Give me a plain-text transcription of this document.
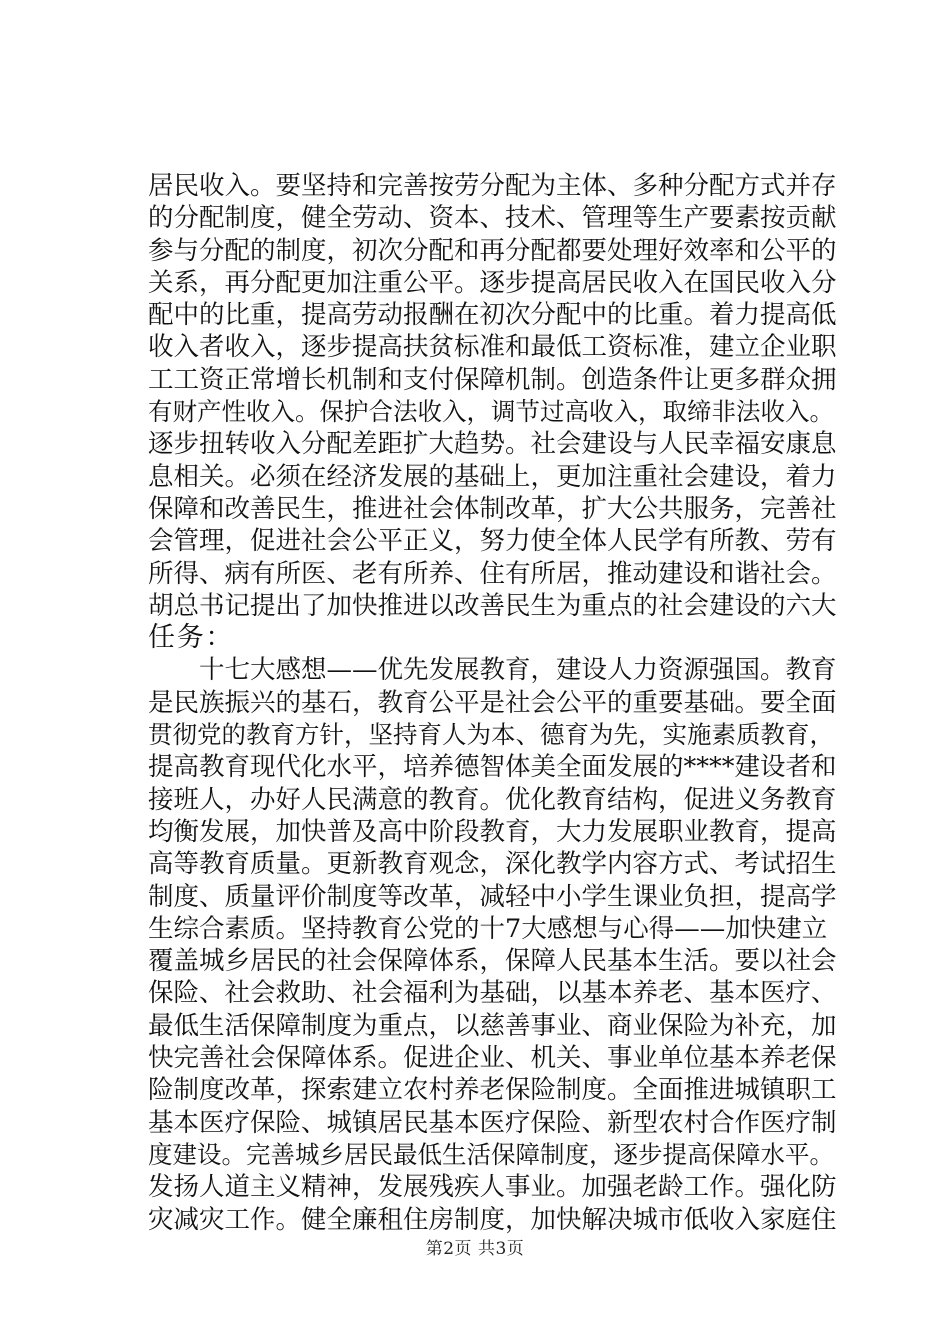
居民收入。要坚持和完善按劳分配为主体、多种分配方式并存
的分配制度，健全劳动、资本、技术、管理等生产要素按贡献
参与分配的制度，初次分配和再分配都要处理好效率和公平的
关系，再分配更加注重公平。逐步提高居民收入在国民收入分
配中的比重，提高劳动报酬在初次分配中的比重。着力提高低
收入者收入，逐步提高扶贫标准和最低工资标准，建立企业职
工工资正常增长机制和支付保障机制。创造条件让更多群众拥
有财产性收入。保护合法收入，调节过高收入，取缔非法收入。
逐步扭转收入分配差距扩大趋势。社会建设与人民幸福安康息
息相关。必须在经济发展的基础上，更加注重社会建设，着力
保障和改善民生，推进社会体制改革，扩大公共服务，完善社
会管理，促进社会公平正义，努力使全体人民学有所教、劳有
所得、病有所医、老有所养、住有所居，推动建设和谐社会。
胡总书记提出了加快推进以改善民生为重点的社会建设的六大
任务：
　　十七大感想——优先发展教育，建设人力资源强国。教育
是民族振兴的基石，教育公平是社会公平的重要基础。要全面
贯彻党的教育方针，坚持育人为本、德育为先，实施素质教育，
提高教育现代化水平，培养德智体美全面发展的****建设者和
接班人，办好人民满意的教育。优化教育结构，促进义务教育
均衡发展，加快普及高中阶段教育，大力发展职业教育，提高
高等教育质量。更新教育观念，深化教学内容方式、考试招生
制度、质量评价制度等改革，减轻中小学生课业负担，提高学
生综合素质。坚持教育公党的十7大感想与心得——加快建立
覆盖城乡居民的社会保障体系，保障人民基本生活。要以社会
保险、社会救助、社会福利为基础，以基本养老、基本医疗、
最低生活保障制度为重点，以慈善事业、商业保险为补充，加
快完善社会保障体系。促进企业、机关、事业单位基本养老保
险制度改革，探索建立农村养老保险制度。全面推进城镇职工
基本医疗保险、城镇居民基本医疗保险、新型农村合作医疗制
度建设。完善城乡居民最低生活保障制度，逐步提高保障水平。
发扬人道主义精神，发展残疾人事业。加强老龄工作。强化防
灾减灾工作。健全廉租住房制度，加快解决城市低收入家庭住
第2页 共3页
